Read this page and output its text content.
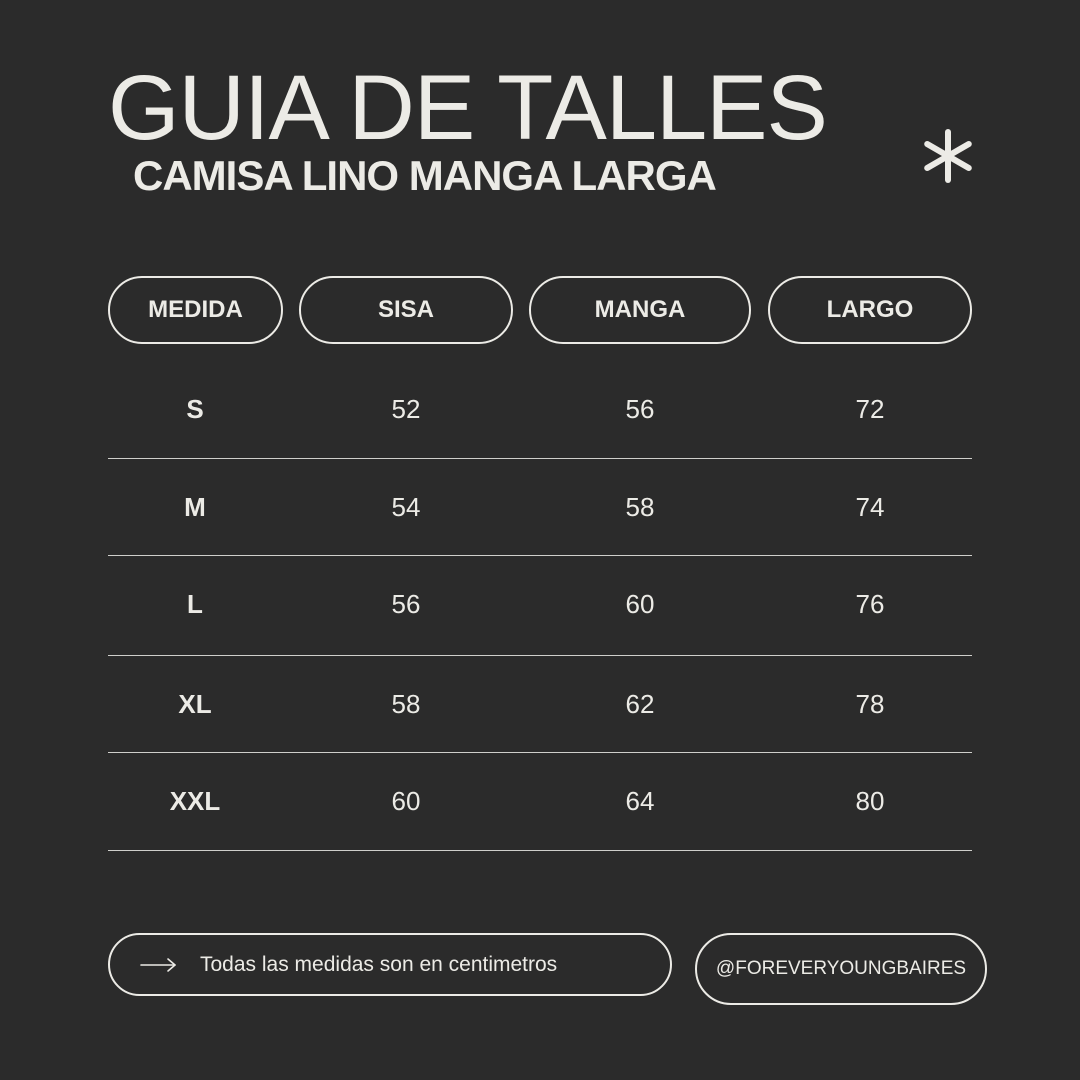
GUIA DE TALLES
CAMISA LINO MANGA LARGA
MEDIDA	SISA	MANGA	LARGO
S	52	56	72
M	54	58	74
L	56	60	76
XL	58	62	78
XXL	60	64	80
Todas las medidas son en centimetros	@FOREVERYOUNGBAIRES
